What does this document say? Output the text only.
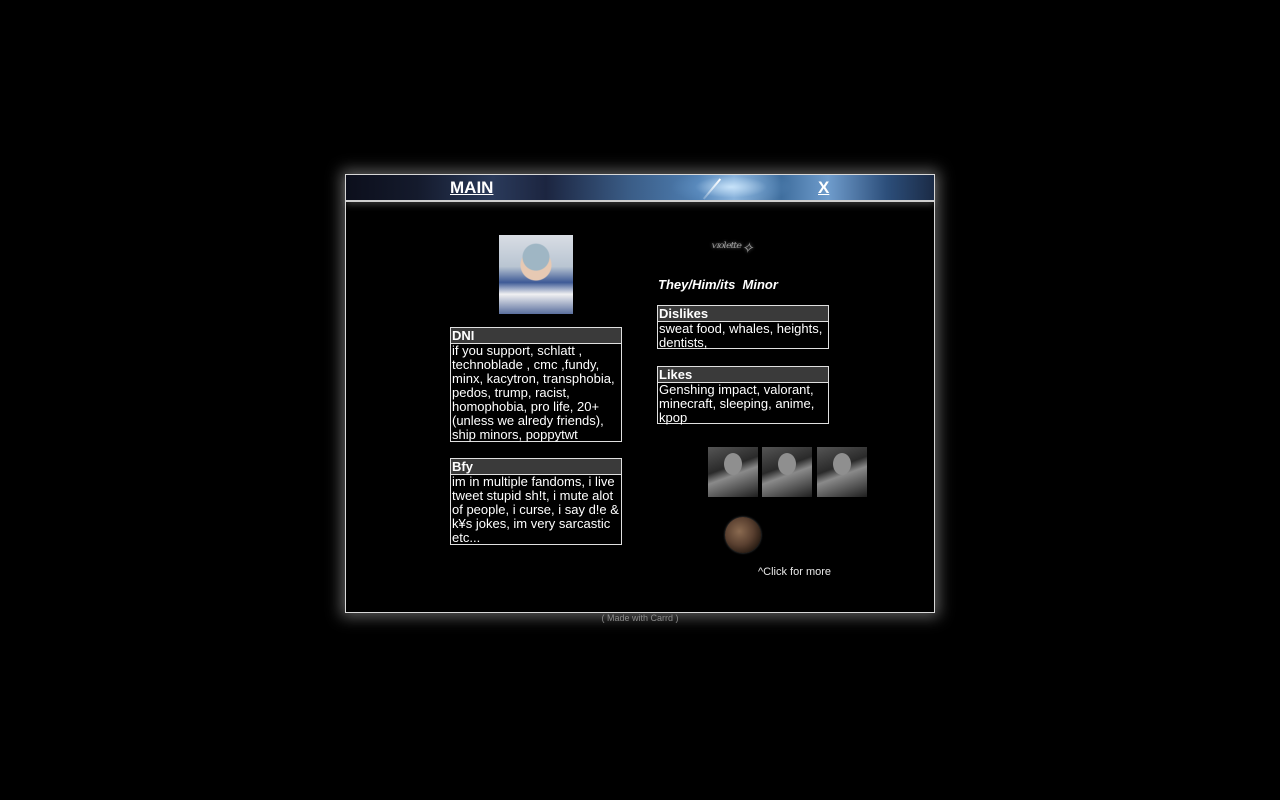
MAIN	X
DNI
if you support, schlatt , technoblade , cmc ,fundy, minx, kacytron, transphobia, pedos, trump, racist, homophobia, pro life, 20+ (unless we alredy friends), ship minors, poppytwt
Bfy
im in multiple fandoms, i live tweet stupid sh!t, i mute alot of people, i curse, i say d!e & k¥s jokes, im very sarcastic etc...
ᵛᶦᵒˡᵉᵗᵗᵉ✧
They/Him/its  Minor
Dislikes
sweat food, whales, heights, dentists,
Likes
Genshing impact, valorant, minecraft, sleeping, anime, kpop
^Click for more
( Made with Carrd )
